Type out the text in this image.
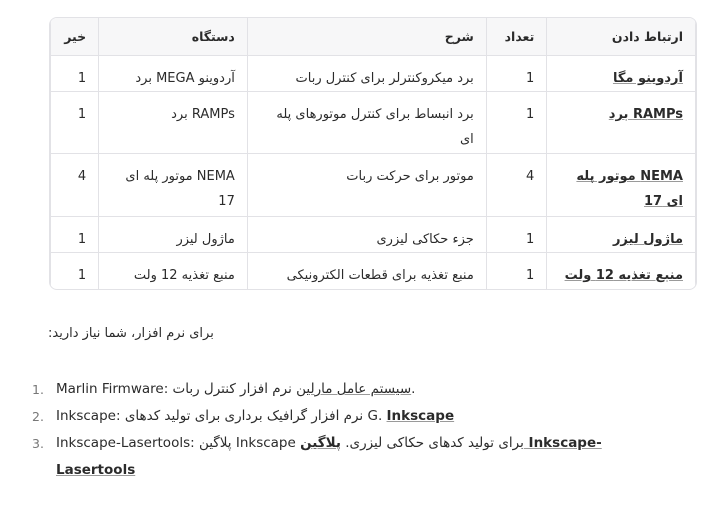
ارتباط دادن	تعداد	شرح	دستگاه	خیر
آردوینو مگا	1	برد میکروکنترلر برای کنترل ربات	آردوینو MEGA برد	1
RAMPs برد	1	برد انبساط برای کنترل موتورهای پله ای	RAMPs برد	1
NEMA موتور پله ای 17	4	موتور برای حرکت ربات	NEMA موتور پله ای 17	4
ماژول لیزر	1	جزء حکاکی لیزری	ماژول لیزر	1
منبع تغذیه 12 ولت	1	منبع تغذیه برای قطعات الکترونیکی	منبع تغذیه 12 ولت	1
برای نرم افزار، شما نیاز دارید:
1. Marlin Firmware:	سیستم عامل مارلین نرم افزار کنترل ربات.
2. Inkscape: نرم افزار گرافیک برداری برای تولید کدهای G. Inkscape
3. Inkscape-Lasertools: پلاگین Inkscape برای تولید کدهای حکاکی لیزری. پلاگین Inkscape-Lasertools
